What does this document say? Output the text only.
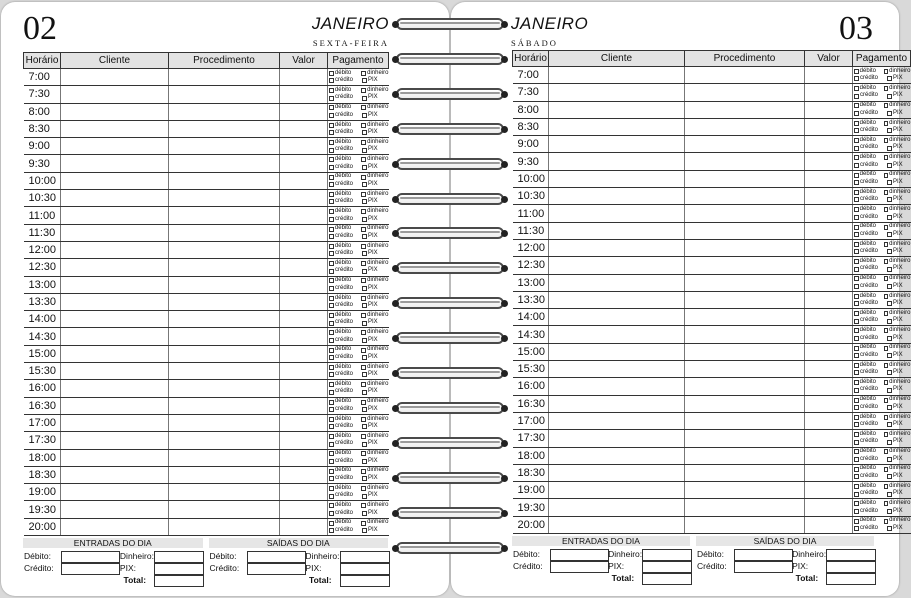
02	JANEIRO
SEXTA-FEIRA
Horário	Cliente	Procedimento	Valor	Pagamento
7:00				débito dinheiro
crédito PIX

7:30				débito dinheiro
crédito PIX

8:00				débito dinheiro
crédito PIX

8:30				débito dinheiro
crédito PIX

9:00				débito dinheiro
crédito PIX

9:30				débito dinheiro
crédito PIX

10:00				débito dinheiro
crédito PIX

10:30				débito dinheiro
crédito PIX

11:00				débito dinheiro
crédito PIX

11:30				débito dinheiro
crédito PIX

12:00				débito dinheiro
crédito PIX

12:30				débito dinheiro
crédito PIX

13:00				débito dinheiro
crédito PIX

13:30				débito dinheiro
crédito PIX

14:00				débito dinheiro
crédito PIX

14:30				débito dinheiro
crédito PIX

15:00				débito dinheiro
crédito PIX

15:30				débito dinheiro
crédito PIX

16:00				débito dinheiro
crédito PIX

16:30				débito dinheiro
crédito PIX

17:00				débito dinheiro
crédito PIX

17:30				débito dinheiro
crédito PIX

18:00				débito dinheiro
crédito PIX

18:30				débito dinheiro
crédito PIX

19:00				débito dinheiro
crédito PIX

19:30				débito dinheiro
crédito PIX

20:00				débito dinheiro
crédito PIX
ENTRADAS DO DIA	SAÍDAS DO DIA
Débito:
Crédito:
Dinheiro:
PIX:
Total:
Débito:
Crédito:
Dinheiro:
PIX:
Total:
03
JANEIRO
SÁBADO
Horário	Cliente	Procedimento	Valor	Pagamento
7:00				débito dinheiro
crédito PIX

7:30				débito dinheiro
crédito PIX

8:00				débito dinheiro
crédito PIX

8:30				débito dinheiro
crédito PIX

9:00				débito dinheiro
crédito PIX

9:30				débito dinheiro
crédito PIX

10:00				débito dinheiro
crédito PIX

10:30				débito dinheiro
crédito PIX

11:00				débito dinheiro
crédito PIX

11:30				débito dinheiro
crédito PIX

12:00				débito dinheiro
crédito PIX

12:30				débito dinheiro
crédito PIX

13:00				débito dinheiro
crédito PIX

13:30				débito dinheiro
crédito PIX

14:00				débito dinheiro
crédito PIX

14:30				débito dinheiro
crédito PIX

15:00				débito dinheiro
crédito PIX

15:30				débito dinheiro
crédito PIX

16:00				débito dinheiro
crédito PIX

16:30				débito dinheiro
crédito PIX

17:00				débito dinheiro
crédito PIX

17:30				débito dinheiro
crédito PIX

18:00				débito dinheiro
crédito PIX

18:30				débito dinheiro
crédito PIX

19:00				débito dinheiro
crédito PIX

19:30				débito dinheiro
crédito PIX

20:00				débito dinheiro
crédito PIX
ENTRADAS DO DIA	SAÍDAS DO DIA
Débito:
Crédito:
Dinheiro:
PIX:
Total:
Débito:
Crédito:
Dinheiro:
PIX:
Total:
